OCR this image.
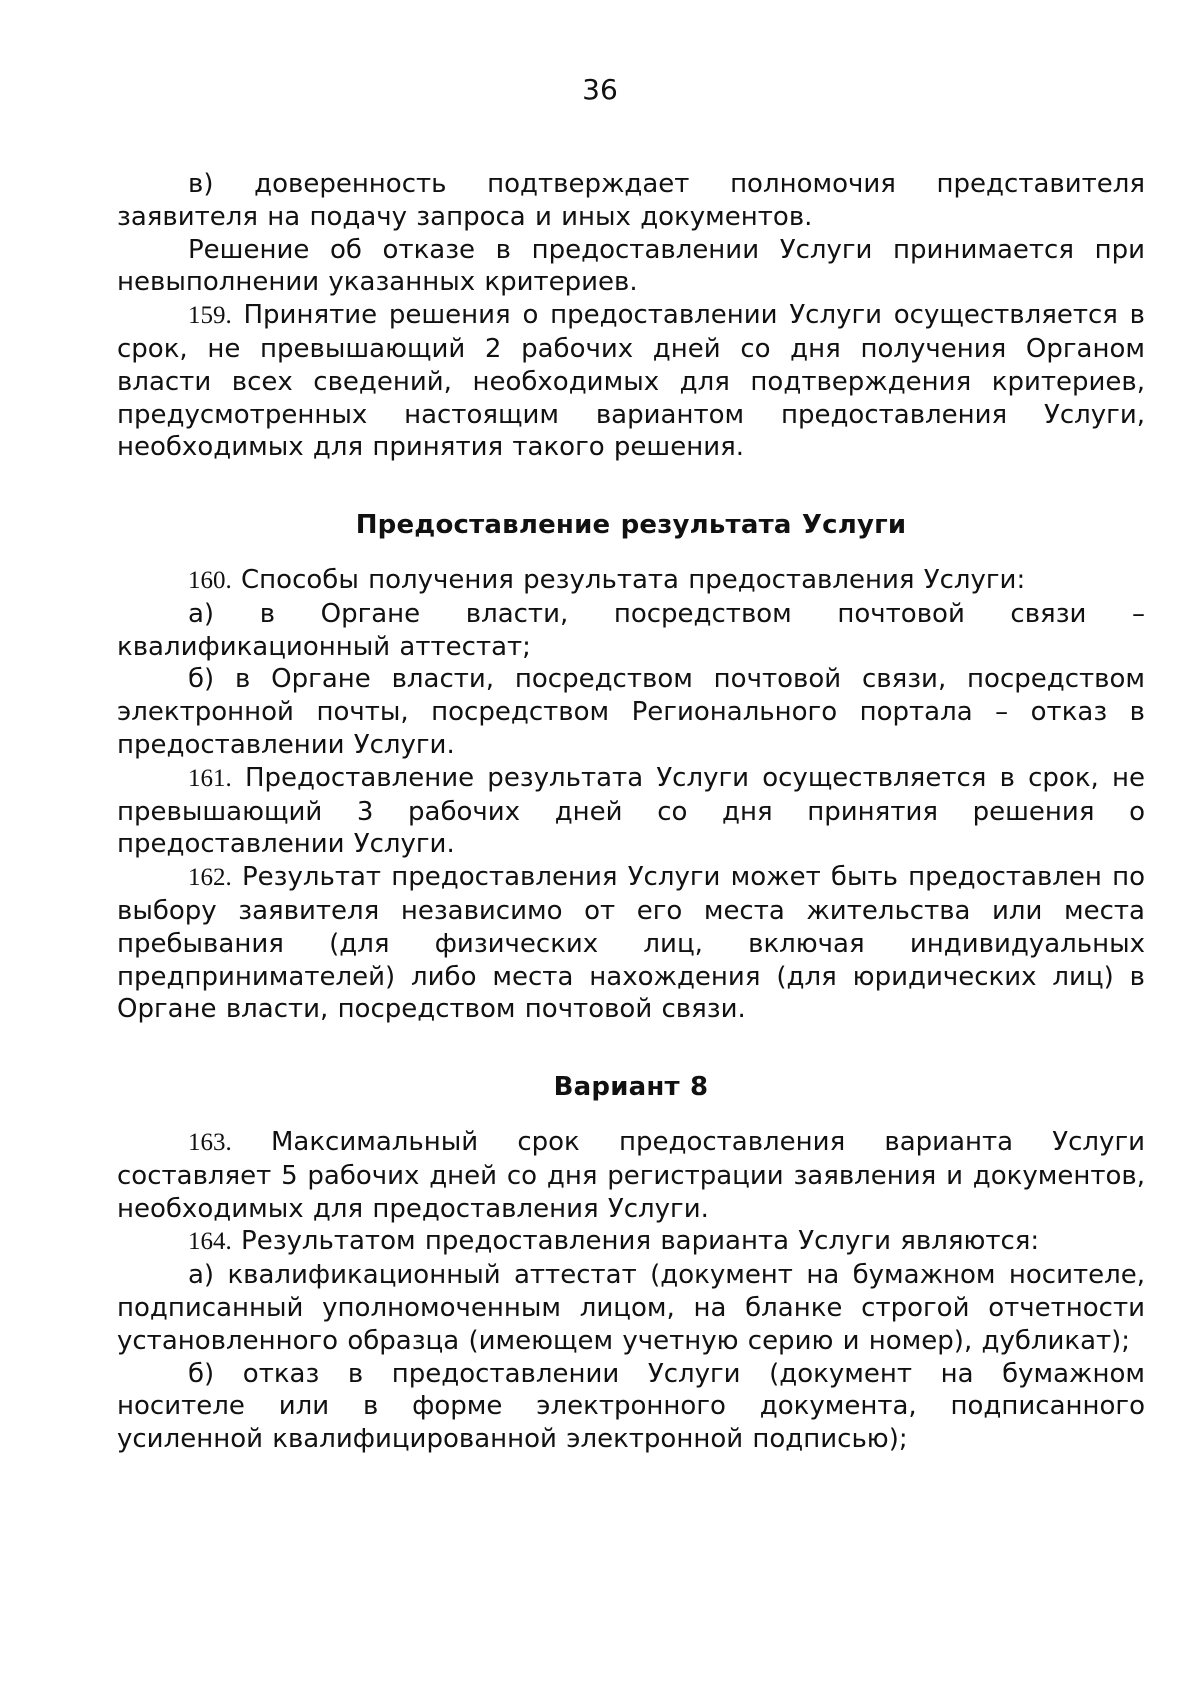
36

в) доверенность подтверждает полномочия представителя заявителя на подачу запроса и иных документов.

Решение об отказе в предоставлении Услуги принимается при невыполнении указанных критериев.

159. Принятие решения о предоставлении Услуги осуществляется в срок, не превышающий 2 рабочих дней со дня получения Органом власти всех сведений, необходимых для подтверждения критериев, предусмотренных настоящим вариантом предоставления Услуги, необходимых для принятия такого решения.

Предоставление результата Услуги

160. Способы получения результата предоставления Услуги:

а) в Органе власти, посредством почтовой связи – квалификационный аттестат;

б) в Органе власти, посредством почтовой связи, посредством электронной почты, посредством Регионального портала – отказ в предоставлении Услуги.

161. Предоставление результата Услуги осуществляется в срок, не превышающий 3 рабочих дней со дня принятия решения о предоставлении Услуги.

162. Результат предоставления Услуги может быть предоставлен по выбору заявителя независимо от его места жительства или места пребывания (для физических лиц, включая индивидуальных предпринимателей) либо места нахождения (для юридических лиц) в Органе власти, посредством почтовой связи.

Вариант 8

163. Максимальный срок предоставления варианта Услуги составляет 5 рабочих дней со дня регистрации заявления и документов, необходимых для предоставления Услуги.

164. Результатом предоставления варианта Услуги являются:

а) квалификационный аттестат (документ на бумажном носителе, подписанный уполномоченным лицом, на бланке строгой отчетности установленного образца (имеющем учетную серию и номер), дубликат);

б) отказ в предоставлении Услуги (документ на бумажном носителе или в форме электронного документа, подписанного усиленной квалифицированной электронной подписью);
